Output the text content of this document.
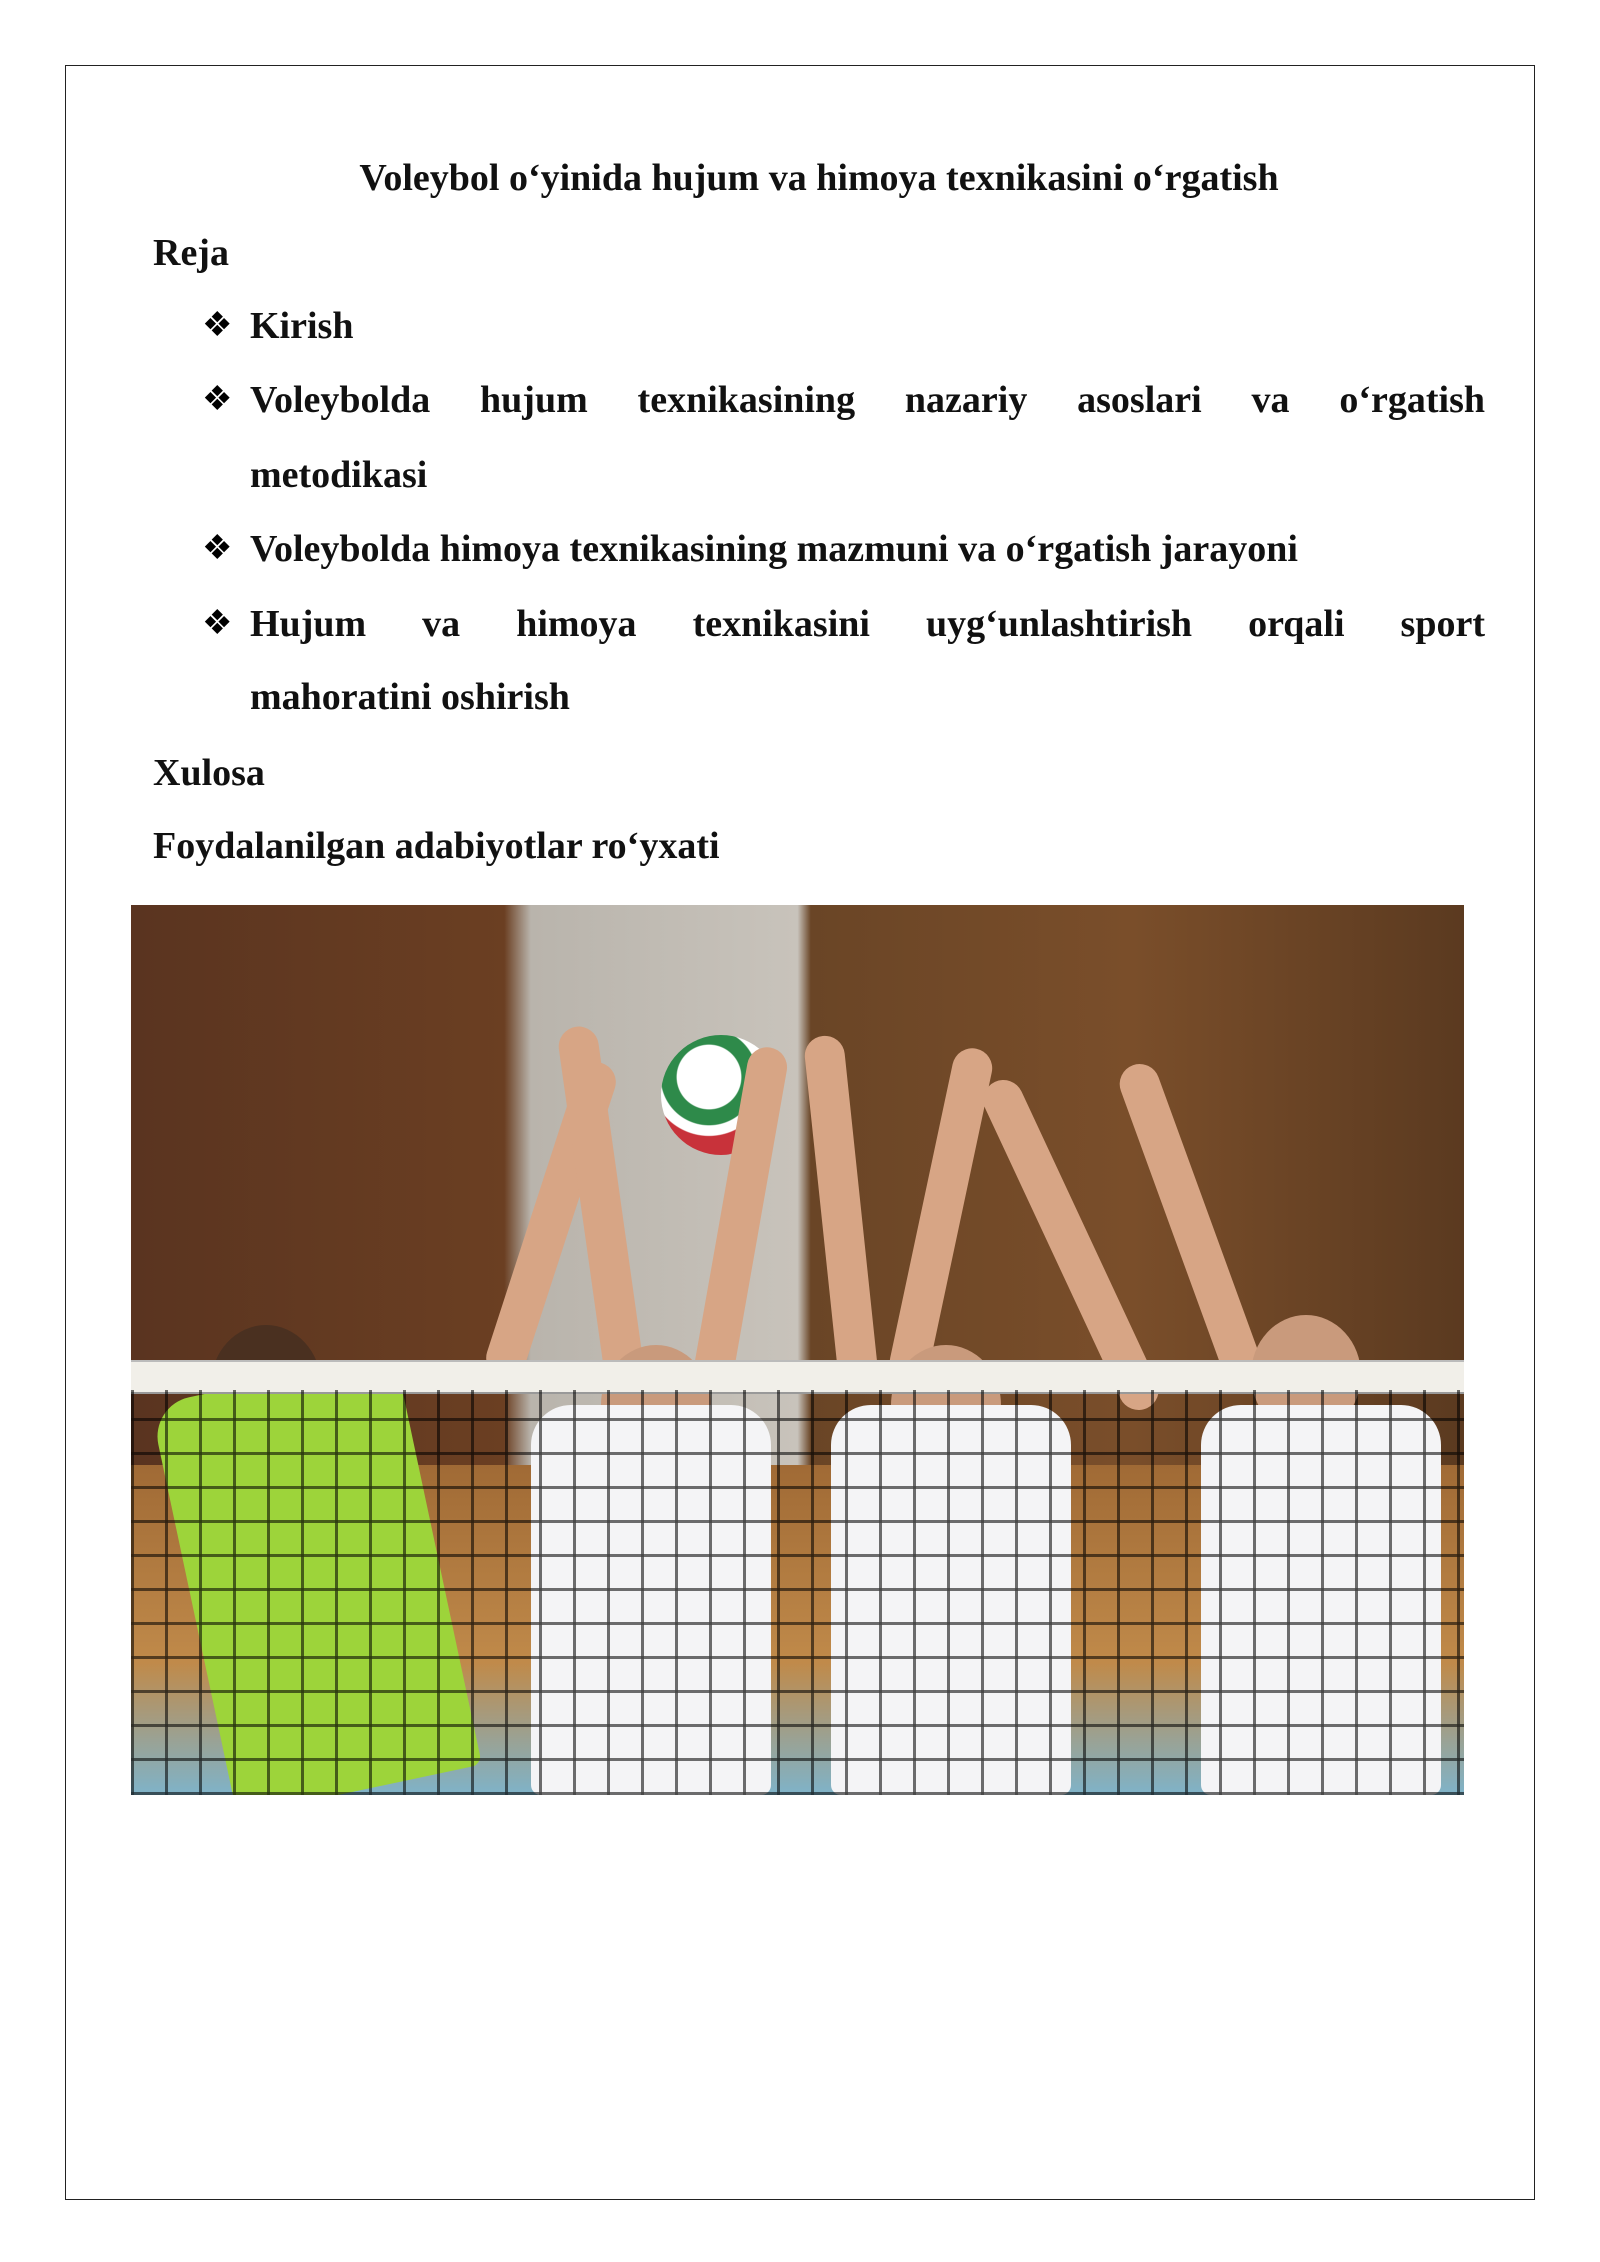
Voleybol o‘yinida hujum va himoya texnikasini o‘rgatish
Reja
❖ Kirish
❖ Voleybolda hujum texnikasining nazariy asoslari va o‘rgatish
metodikasi
❖ Voleybolda himoya texnikasining mazmuni va o‘rgatish jarayoni
❖ Hujum va himoya texnikasini uyg‘unlashtirish orqali sport
mahoratini oshirish
Xulosa
Foydalanilgan adabiyotlar ro‘yxati
